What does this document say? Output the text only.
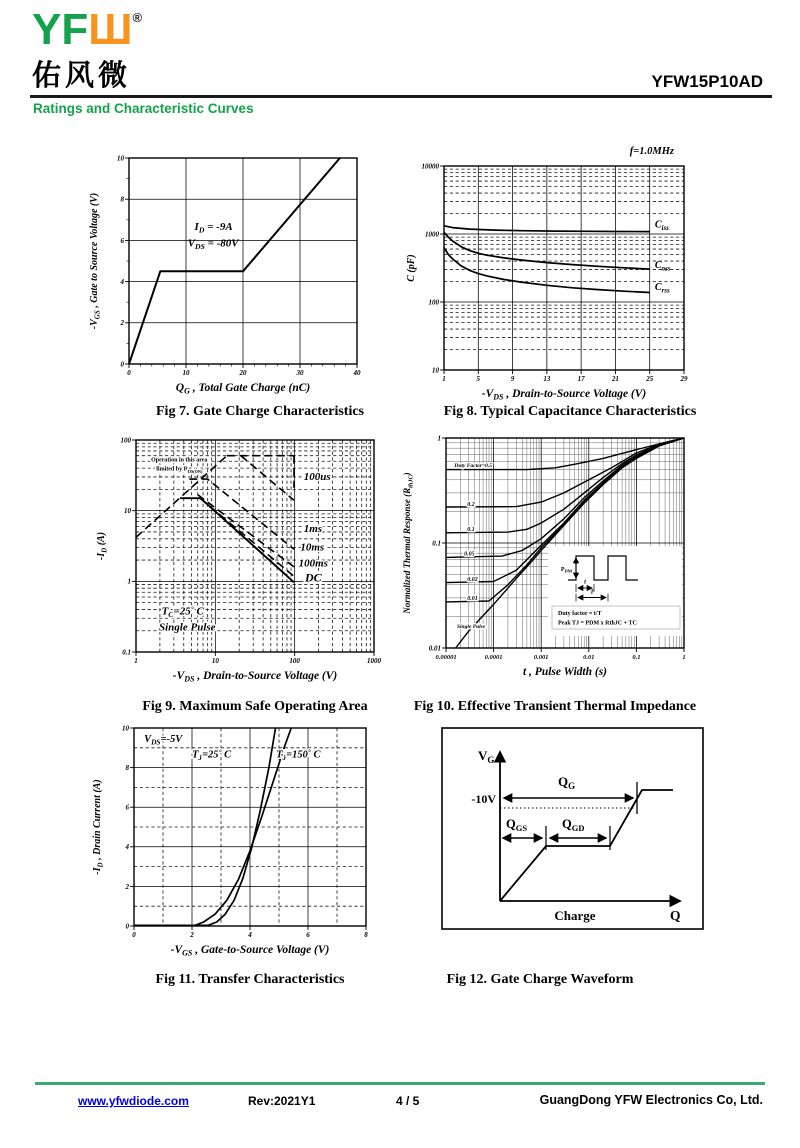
YFШ®
佑风微	YFW15P10AD
Ratings and Characteristic Curves
0	10	20	30	40
0
2
4
6
8
10
$I_D = -9A$
$V_{DS} = -80V$
$Q_G$ , Total Gate Charge (nC)
$-V_{GS}$ , Gate to Source Voltage (V)
Fig 7. Gate Charge Characteristics
1	5	9	13	17	21	25	29
10
100
1000
10000
f=1.0MHz
$C_{iss}$
$C_{oss}$
$C_{rss}$
$-V_{DS}$ , Drain-to-Source Voltage (V)
C (pF)
Fig 8. Typical Capacitance Characteristics
1	10	100	1000
0.1
1
10
100
Operation in this area
limited by $R_{DS(ON)}$	100us
1ms
10ms
100ms
DC
$T_C=25^\circ$ C
Single Pulse
$-V_{DS}$ , Drain-to-Source Voltage (V)
$-I_D$ (A)
Fig 9. Maximum Safe Operating Area
0.00001	0.0001	0.001	0.01	0.1	1
0.01
0.1
1
Duty Factor=0.5
0.2
0.1
0.05
0.02
0.01
Single Pulse
t , Pulse Width (s)
Normalized Thermal Response $(R_{thJC})$
$P_{DM}$
t
T
Duty factor = t/T
Peak TJ = PDM x RthJC + TC
Fig 10. Effective Transient Thermal Impedance
0	2	4	6	8
0
2
4
6
8
10
$V_{DS}=-5V$
$T_J=25^\circ$ C	$T_J=150^\circ$ C
$-V_{GS}$ , Gate-to-Source Voltage (V)
$-I_D$ , Drain Current (A)
Fig 11. Transfer Characteristics
$V_G$
-10V
$Q_G$
$Q_{GS}$	$Q_{GD}$
Charge	Q
Fig 12. Gate Charge Waveform
www.yfwdiode.com	Rev:2021Y1	4 / 5	GuangDong YFW Electronics Co, Ltd.
